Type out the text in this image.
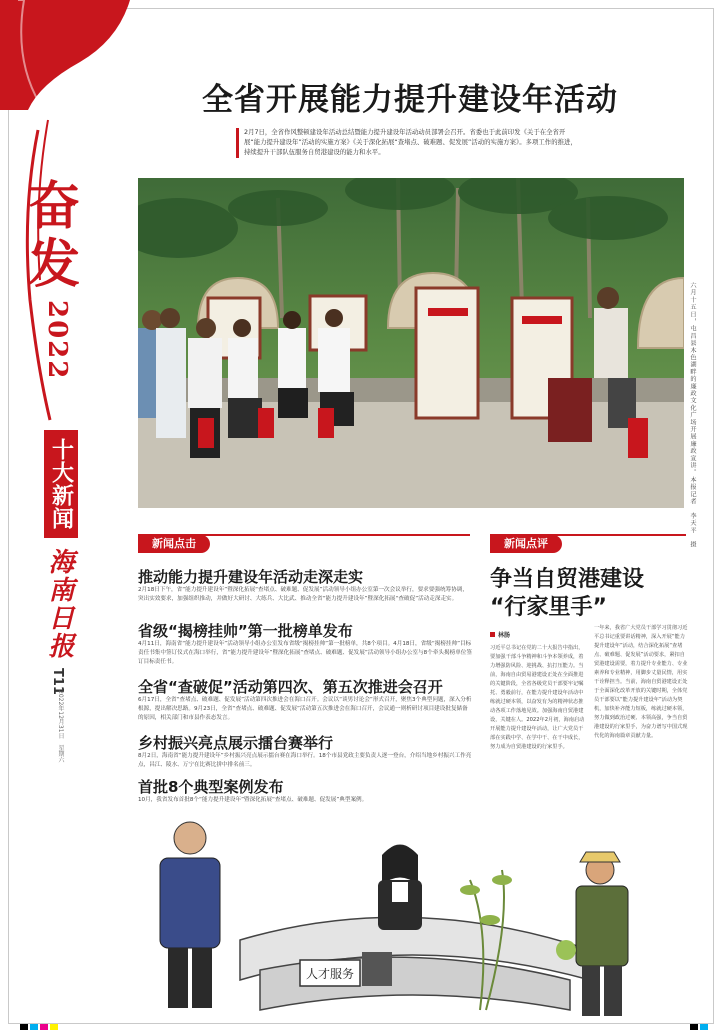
奋发
2022
十大新闻
海南日报
T11
2022年12月31日　星期六
全省开展能力提升建设年活动
2月7日，全省作风整顿建设年活动总结暨能力提升建设年活动动员部署会召开。省委也于此前印发《关于在全省开展“能力提升建设年”活动的实施方案》《关于深化拓展“查堵点、破难题、促发展”活动的实施方案》。多项工作的推进，持续提升干部队伍服务自贸港建设的能力和水平。
六月十五日，屯昌县木色湖畔的廉政文化广场开展廉政宣讲。本报记者　李天平　摄
新闻点击
推动能力提升建设年活动走深走实
2月18日下午，省“能力提升建设年”暨深化拓展“查堵点、破难题、促发展”活动领导小组办公室第一次会议举行，要求要强统筹协调，突出实效要求，加强组织推动，并做好大研讨、大练兵、大比武、推动全省“能力提升建设年”暨深化拓展“查破促”活动走深走实。
省级“揭榜挂帅”第一批榜单发布
4月11日，海南省“能力提升建设年”活动领导小组办公室发布省级“揭榜挂帅”第一批榜单，共8个项目。4月18日，省级“揭榜挂帅”目标责任书集中签订仪式在海口举行，省“能力提升建设年”暨深化拓展“查堵点、破难题、促发展”活动领导小组办公室与8个牵头揭榜单位签订目标责任书。
全省“查破促”活动第四次、第五次推进会召开
6月17日，全省“查堵点、破难题、促发展”活动第四次推进会在海口召开。会议以“谈男讨论会”形式召开，聚焦3个典型问题，深入分析根源，提出解决思路。9月23日，全省“查堵点、破难题、促发展”活动第五次推进会在海口召开，会议通一则析研讨项目建设批复储备的原因，相关部门和市县作表态发言。
乡村振兴亮点展示擂台赛举行
8月2日，海南省“能力提升建设年”乡村振兴亮点展示擂台赛在海口举行。18个市县党政主要负责人逐一登台，介绍当地乡村振兴工作亮点，昌江、陵水、万宁在比赛比拼中排名前三。
首批8个典型案例发布
10月，我省发布首批8个“能力提升建设年”暨深化拓展“查堵点、破难题、促发展”典型案例。
新闻点评
争当自贸港建设
“行家里手”
林肠
习近平总书记在党的二十大报告中指出，要加强干部斗争精神和斗争本领养成，着力增强防风险、迎挑战、抗打压能力。当前，海南自由贸易港建设正处在全面推进的关键阶段，全省各级党员干部要牢记嘱托、勇毅前行，在能力提升建设年活动中练就过硬本领，以奋发有为的精神状态推动各项工作落地见效。加强海南自贸港建设，关键在人。2022年2月初，海南启动开展能力提升建设年活动，让广大党员干部在实践中学、在学中干、在干中成长，努力成为自贸港建设的行家里手。
一年来，我省广大党员干部学习贯彻习近平总书记重要讲话精神，深入开展“能力提升建设年”活动，结合深化拓展“查堵点、破难题、促发展”活动要求，紧扣自贸港建设需要，着力提升专业能力、专业素养和专业精神，用脚步丈量民情，用实干诠释担当。当前，海南自贸港建设正处于全面深化改革开放的关键时期，全体党员干部要以“能力提升建设年”活动为契机，加快补齐能力短板，练就过硬本领，努力做到政治过硬、本领高强，争当自贸港建设的行家里手，为奋力谱写中国式现代化的海南篇章贡献力量。
人才服务
